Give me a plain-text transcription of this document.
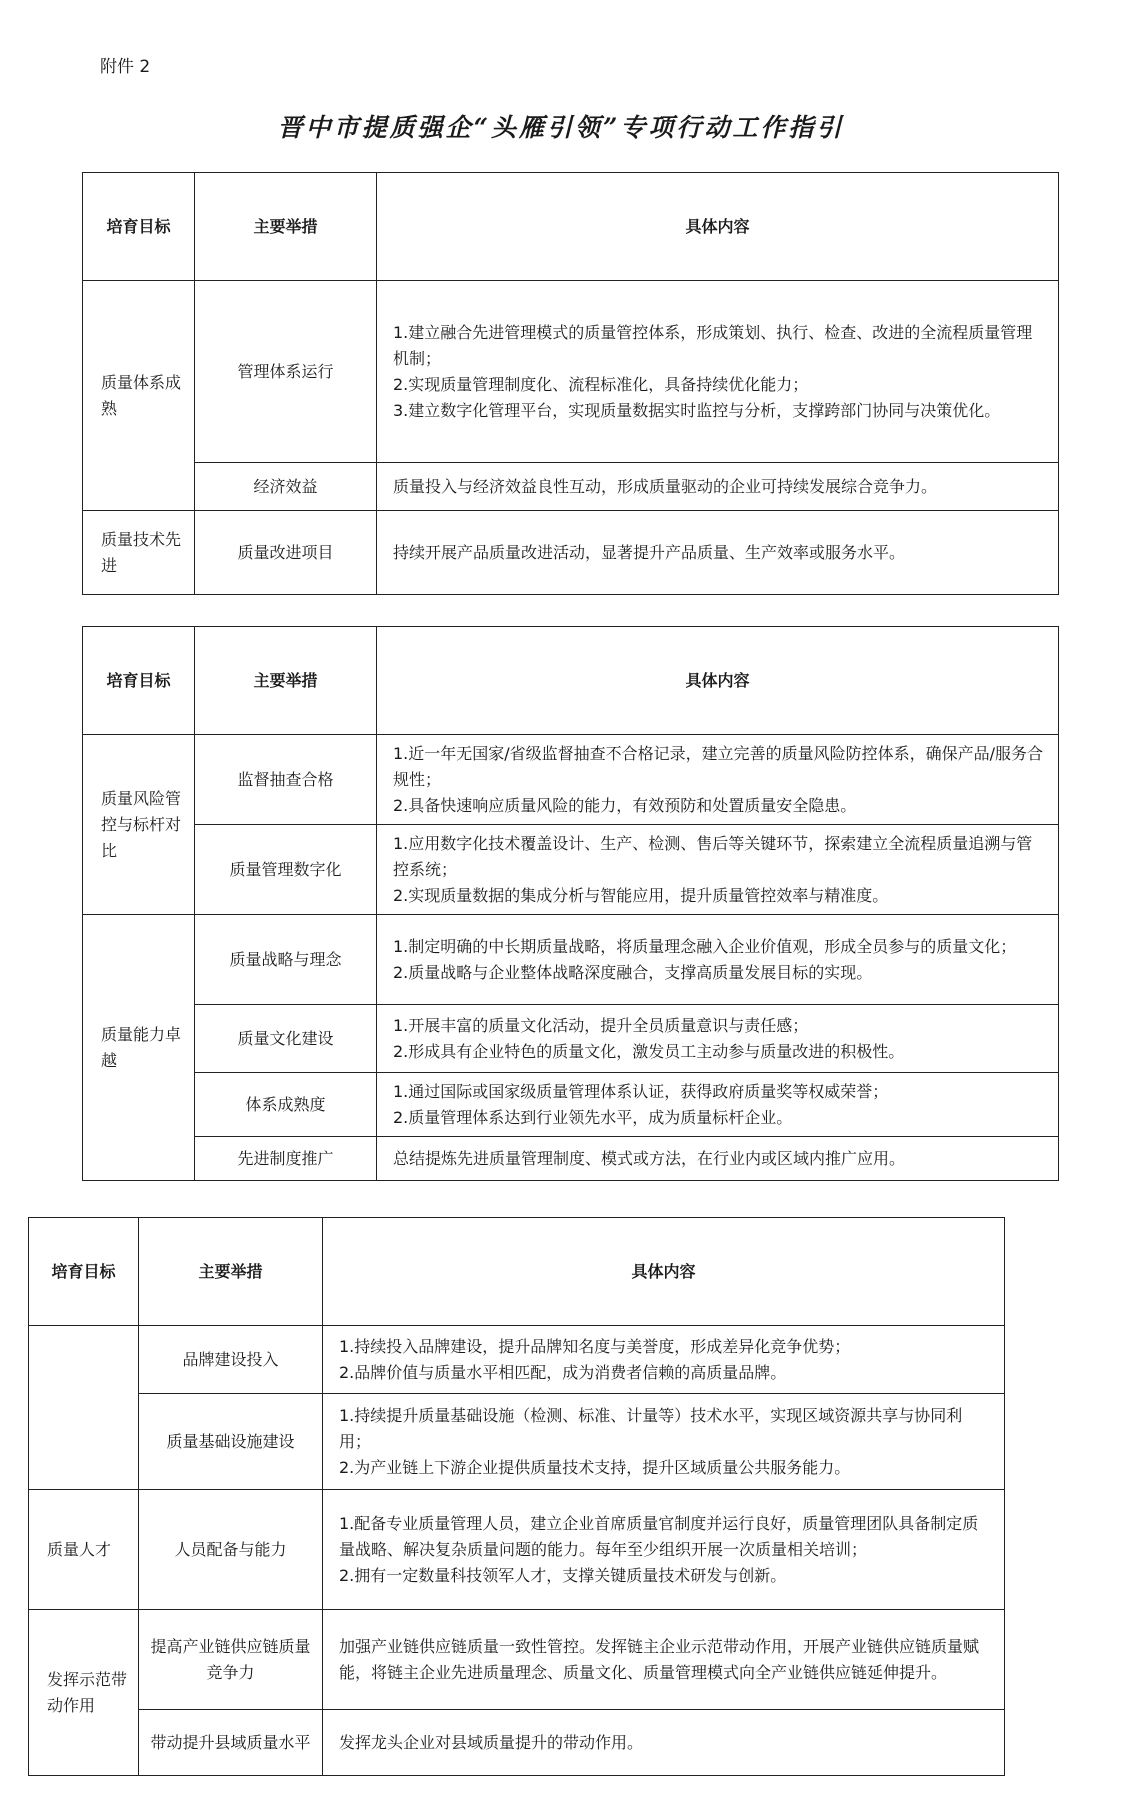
附件 2
晋中市提质强企“头雁引领”专项行动工作指引
培育目标	主要举措	具体内容
质量体系成熟	管理体系运行	1.建立融合先进管理模式的质量管控体系，形成策划、执行、检查、改进的全流程质量管理机制；
2.实现质量管理制度化、流程标准化，具备持续优化能力；
3.建立数字化管理平台，实现质量数据实时监控与分析，支撑跨部门协同与决策优化。

	经济效益	质量投入与经济效益良性互动，形成质量驱动的企业可持续发展综合竞争力。

质量技术先进	质量改进项目	持续开展产品质量改进活动，显著提升产品质量、生产效率或服务水平。
培育目标	主要举措	具体内容
质量风险管控与标杆对比	监督抽查合格	1.近一年无国家/省级监督抽查不合格记录，建立完善的质量风险防控体系，确保产品/服务合规性；
2.具备快速响应质量风险的能力，有效预防和处置质量安全隐患。

	质量管理数字化	1.应用数字化技术覆盖设计、生产、检测、售后等关键环节，探索建立全流程质量追溯与管控系统；
2.实现质量数据的集成分析与智能应用，提升质量管控效率与精准度。

质量能力卓越	质量战略与理念	1.制定明确的中长期质量战略，将质量理念融入企业价值观，形成全员参与的质量文化；
2.质量战略与企业整体战略深度融合，支撑高质量发展目标的实现。

	质量文化建设	1.开展丰富的质量文化活动，提升全员质量意识与责任感；
2.形成具有企业特色的质量文化，激发员工主动参与质量改进的积极性。

	体系成熟度	1.通过国际或国家级质量管理体系认证，获得政府质量奖等权威荣誉；
2.质量管理体系达到行业领先水平，成为质量标杆企业。

	先进制度推广	总结提炼先进质量管理制度、模式或方法，在行业内或区域内推广应用。
培育目标	主要举措	具体内容
	品牌建设投入	1.持续投入品牌建设，提升品牌知名度与美誉度，形成差异化竞争优势；
2.品牌价值与质量水平相匹配，成为消费者信赖的高质量品牌。

	质量基础设施建设	1.持续提升质量基础设施（检测、标准、计量等）技术水平，实现区域资源共享与协同利用；
2.为产业链上下游企业提供质量技术支持，提升区域质量公共服务能力。

质量人才	人员配备与能力	1.配备专业质量管理人员，建立企业首席质量官制度并运行良好，质量管理团队具备制定质量战略、解决复杂质量问题的能力。每年至少组织开展一次质量相关培训；
2.拥有一定数量科技领军人才，支撑关键质量技术研发与创新。

发挥示范带动作用	提高产业链供应链质量竞争力	加强产业链供应链质量一致性管控。发挥链主企业示范带动作用，开展产业链供应链质量赋能，将链主企业先进质量理念、质量文化、质量管理模式向全产业链供应链延伸提升。

	带动提升县域质量水平	发挥龙头企业对县域质量提升的带动作用。
